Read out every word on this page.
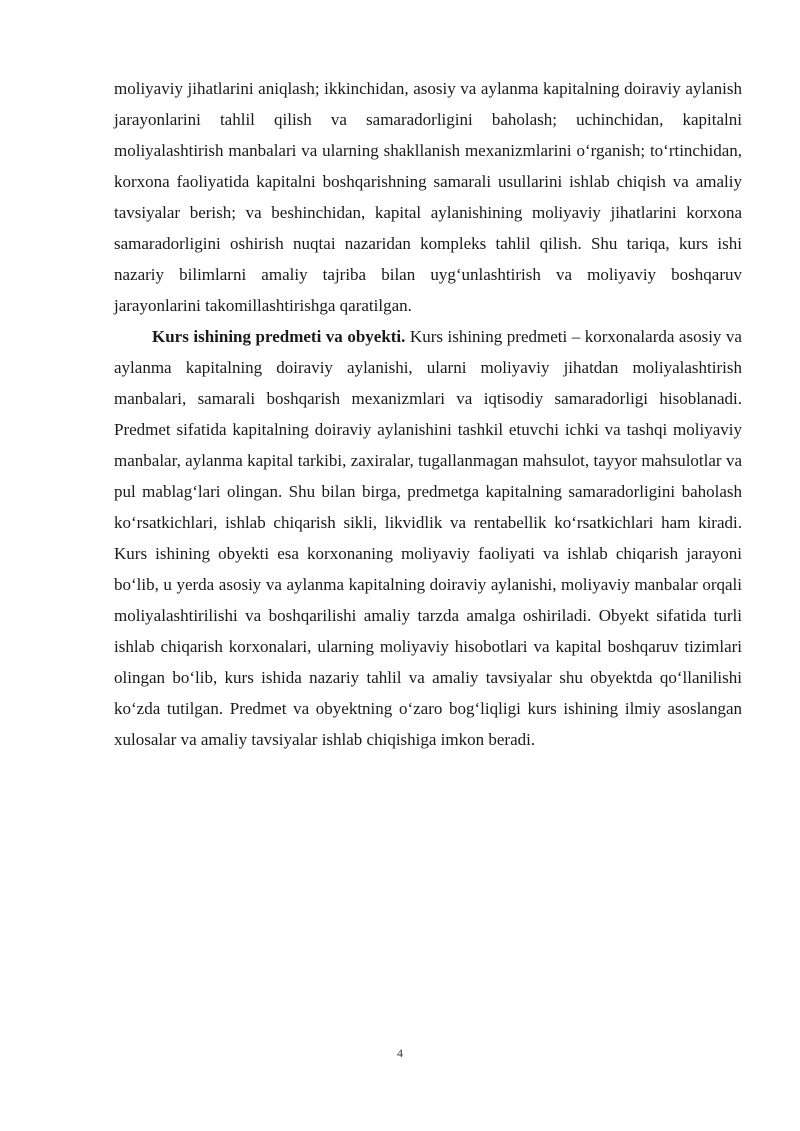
moliyaviy jihatlarini aniqlash; ikkinchidan, asosiy va aylanma kapitalning doiraviy aylanish jarayonlarini tahlil qilish va samaradorligini baholash; uchinchidan, kapitalni moliyalashtirish manbalari va ularning shakllanish mexanizmlarini o‘rganish; to‘rtinchidan, korxona faoliyatida kapitalni boshqarishning samarali usullarini ishlab chiqish va amaliy tavsiyalar berish; va beshinchidan, kapital aylanishining moliyaviy jihatlarini korxona samaradorligini oshirish nuqtai nazaridan kompleks tahlil qilish. Shu tariqa, kurs ishi nazariy bilimlarni amaliy tajriba bilan uyg‘unlashtirish va moliyaviy boshqaruv jarayonlarini takomillashtirishga qaratilgan.

Kurs ishining predmeti va obyekti. Kurs ishining predmeti – korxonalarda asosiy va aylanma kapitalning doiraviy aylanishi, ularni moliyaviy jihatdan moliyalashtirish manbalari, samarali boshqarish mexanizmlari va iqtisodiy samaradorligi hisoblanadi. Predmet sifatida kapitalning doiraviy aylanishini tashkil etuvchi ichki va tashqi moliyaviy manbalar, aylanma kapital tarkibi, zaxiralar, tugallanmagan mahsulot, tayyor mahsulotlar va pul mablag‘lari olingan. Shu bilan birga, predmetga kapitalning samaradorligini baholash ko‘rsatkichlari, ishlab chiqarish sikli, likvidlik va rentabellik ko‘rsatkichlari ham kiradi. Kurs ishining obyekti esa korxonaning moliyaviy faoliyati va ishlab chiqarish jarayoni bo‘lib, u yerda asosiy va aylanma kapitalning doiraviy aylanishi, moliyaviy manbalar orqali moliyalashtirilishi va boshqarilishi amaliy tarzda amalga oshiriladi. Obyekt sifatida turli ishlab chiqarish korxonalari, ularning moliyaviy hisobotlari va kapital boshqaruv tizimlari olingan bo‘lib, kurs ishida nazariy tahlil va amaliy tavsiyalar shu obyektda qo‘llanilishi ko‘zda tutilgan. Predmet va obyektning o‘zaro bog‘liqligi kurs ishining ilmiy asoslangan xulosalar va amaliy tavsiyalar ishlab chiqishiga imkon beradi.

4
